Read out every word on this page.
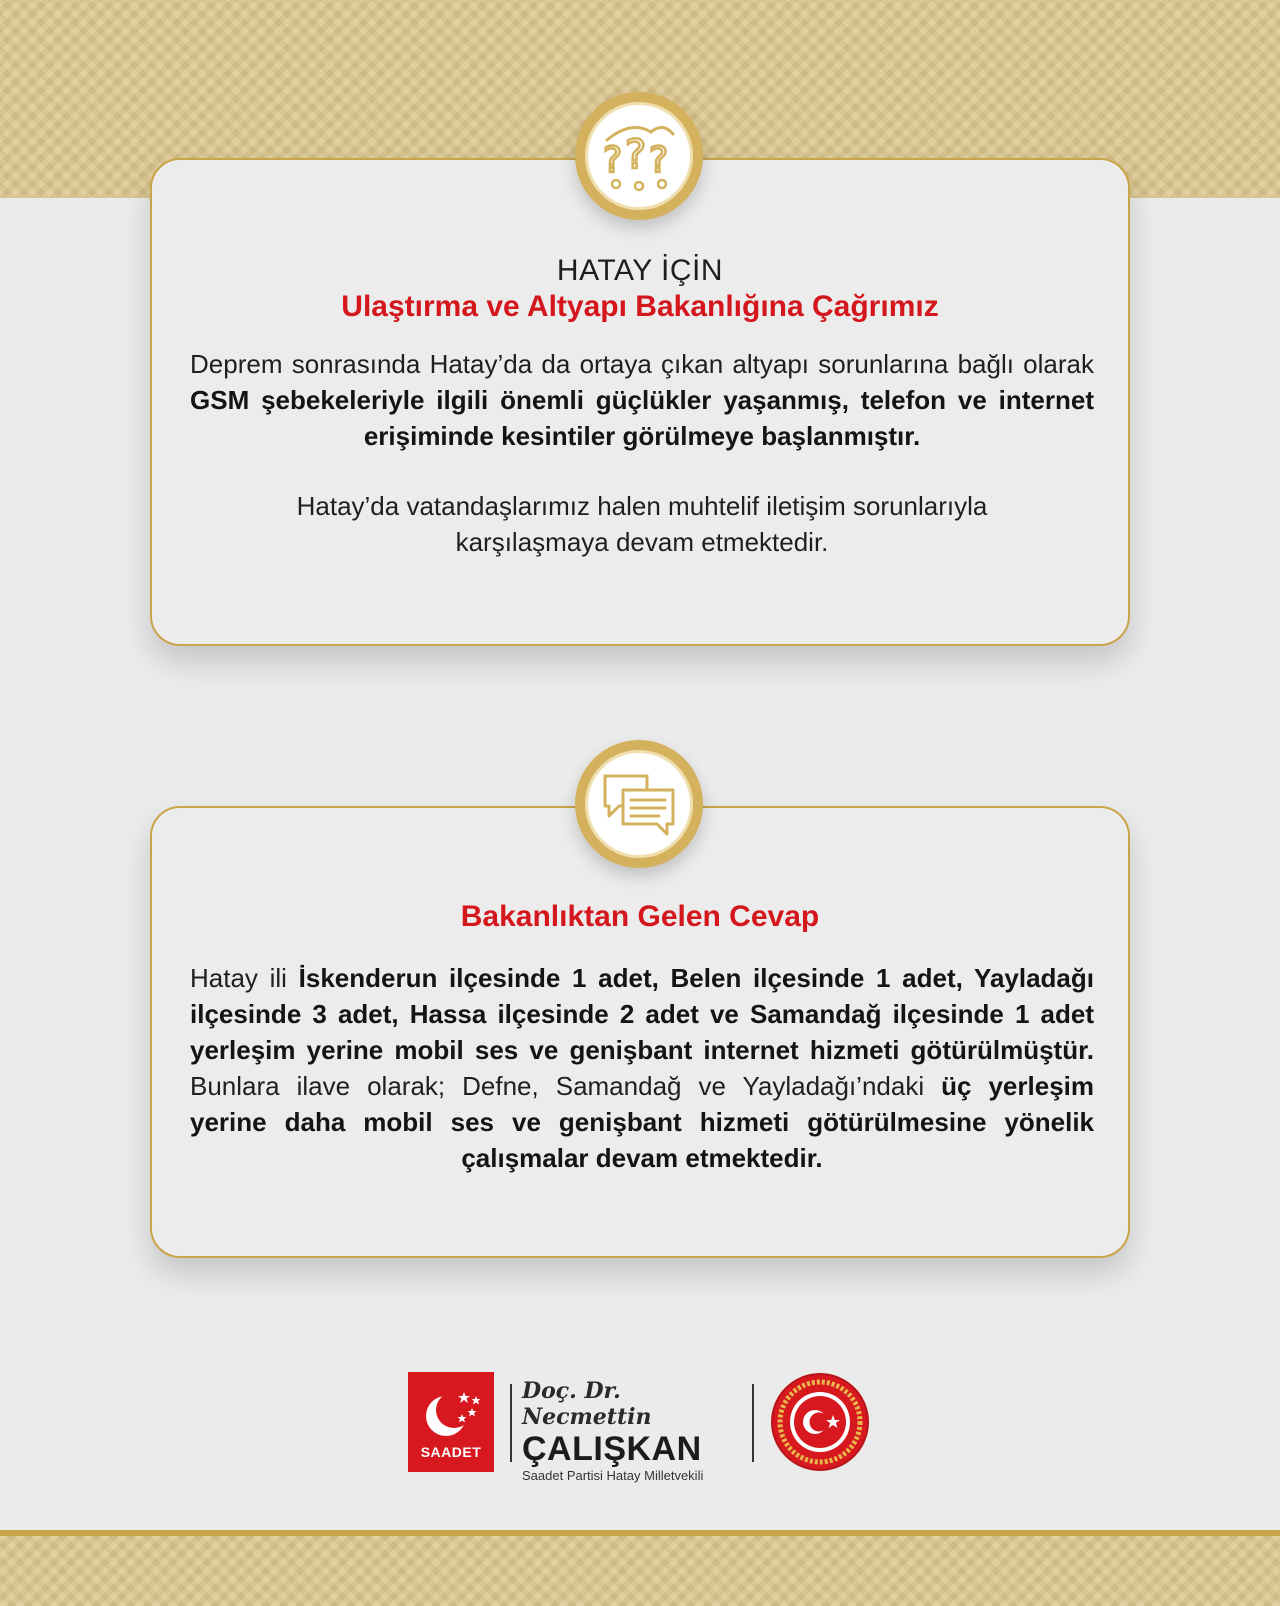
HATAY İÇİN
Ulaştırma ve Altyapı Bakanlığına Çağrımız
Deprem sonrasında Hatay’da da ortaya çıkan altyapı sorunlarına bağlı olarak GSM şebekeleriyle ilgili önemli güçlükler yaşanmış, telefon ve internet erişiminde kesintiler görülmeye başlanmıştır.
Hatay’da vatandaşlarımız halen muhtelif iletişim sorunlarıyla karşılaşmaya devam etmektedir.
? ? ?
Bakanlıktan Gelen Cevap
Hatay ili İskenderun ilçesinde 1 adet, Belen ilçesinde 1 adet, Yayladağı ilçesinde 3 adet, Hassa ilçesinde 2 adet ve Samandağ ilçesinde 1 adet yerleşim yerine mobil ses ve genişbant internet hizmeti götürülmüştür. Bunlara ilave olarak; Defne, Samandağ ve Yayladağı’ndaki üç yerleşim yerine daha mobil ses ve genişbant hizmeti götürülmesine yönelik çalışmalar devam etmektedir.
SAADET
Doç. Dr. Necmettin
ÇALIŞKAN
Saadet Partisi Hatay Milletvekili
